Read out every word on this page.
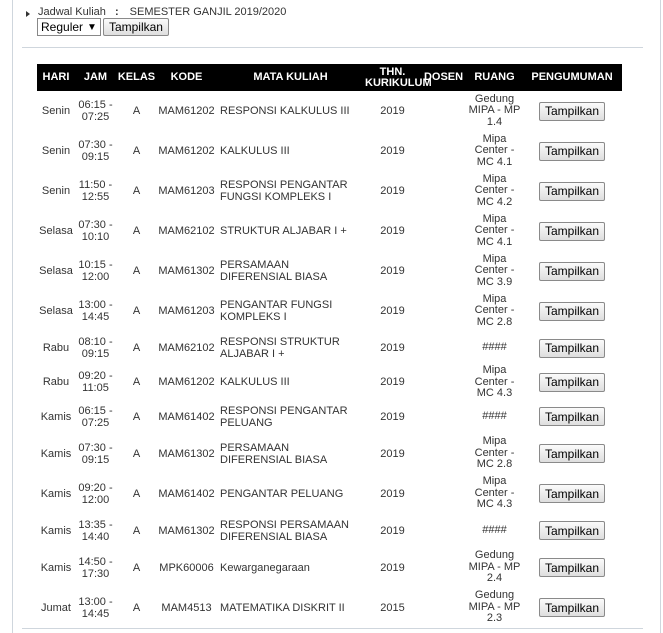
Jadwal Kuliah : SEMESTER GANJIL 2019/2020
Reguler ▼	Tampilkan
HARI	JAM	KELAS	KODE	MATA KULIAH	THN.
KURIKULUM	DOSEN	RUANG	PENGUMUMAN
Senin	06:15 -
07:25	A	MAM61202	RESPONSI KALKULUS III	2019		Gedung
MIPA - MP
1.4	Tampilkan
Senin	07:30 -
09:15	A	MAM61202	KALKULUS III	2019		Mipa
Center -
MC 4.1	Tampilkan
Senin	11:50 -
12:55	A	MAM61203	RESPONSI PENGANTAR
FUNGSI KOMPLEKS I	2019		Mipa
Center -
MC 4.2	Tampilkan
Selasa	07:30 -
10:10	A	MAM62102	STRUKTUR ALJABAR I +	2019		Mipa
Center -
MC 4.1	Tampilkan
Selasa	10:15 -
12:00	A	MAM61302	PERSAMAAN
DIFERENSIAL BIASA	2019		Mipa
Center -
MC 3.9	Tampilkan
Selasa	13:00 -
14:45	A	MAM61203	PENGANTAR FUNGSI
KOMPLEKS I	2019		Mipa
Center -
MC 2.8	Tampilkan
Rabu	08:10 -
09:15	A	MAM62102	RESPONSI STRUKTUR
ALJABAR I +	2019		####	Tampilkan
Rabu	09:20 -
11:05	A	MAM61202	KALKULUS III	2019		Mipa
Center -
MC 4.3	Tampilkan
Kamis	06:15 -
07:25	A	MAM61402	RESPONSI PENGANTAR
PELUANG	2019		####	Tampilkan
Kamis	07:30 -
09:15	A	MAM61302	PERSAMAAN
DIFERENSIAL BIASA	2019		Mipa
Center -
MC 2.8	Tampilkan
Kamis	09:20 -
12:00	A	MAM61402	PENGANTAR PELUANG	2019		Mipa
Center -
MC 4.3	Tampilkan
Kamis	13:35 -
14:40	A	MAM61302	RESPONSI PERSAMAAN
DIFERENSIAL BIASA	2019		####	Tampilkan
Kamis	14:50 -
17:30	A	MPK60006	Kewarganegaraan	2019		Gedung
MIPA - MP
2.4	Tampilkan
Jumat	13:00 -
14:45	A	MAM4513	MATEMATIKA DISKRIT II	2015		Gedung
MIPA - MP
2.3	Tampilkan
